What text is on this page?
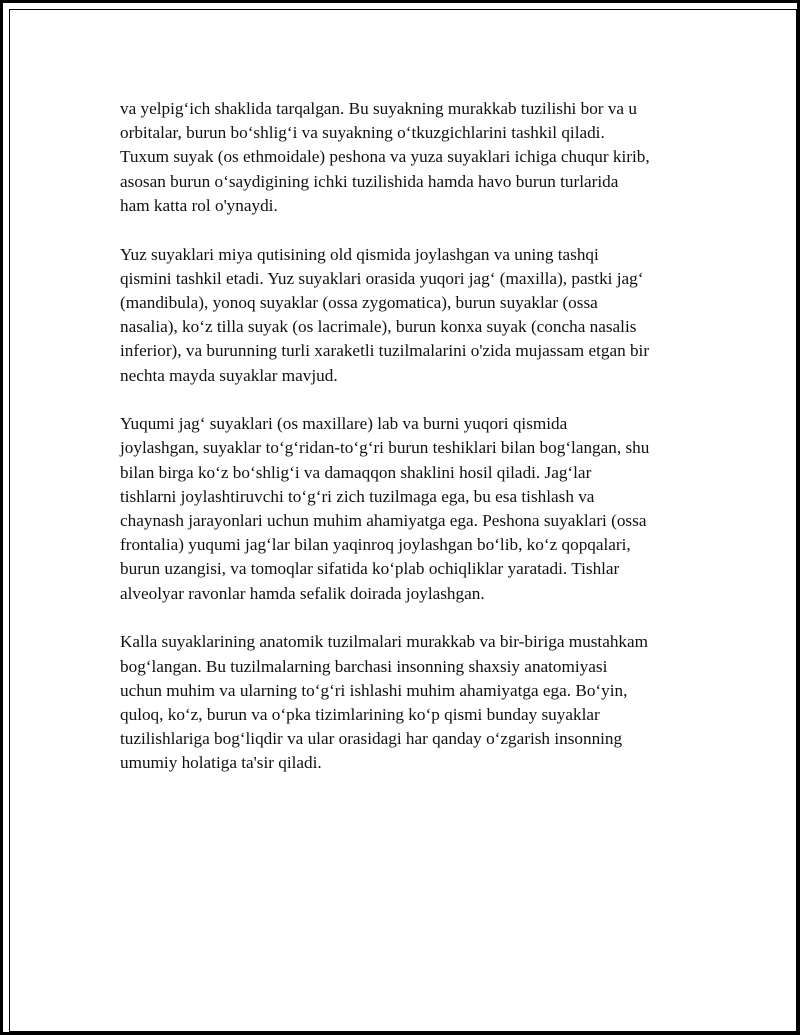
va yelpig‘ich shaklida tarqalgan. Bu suyakning murakkab tuzilishi bor va u
orbitalar, burun bo‘shlig‘i va suyakning o‘tkuzgichlarini tashkil qiladi.
Tuxum suyak (os ethmoidale) peshona va yuza suyaklari ichiga chuqur kirib,
asosan burun o‘saydigining ichki tuzilishida hamda havo burun turlarida
ham katta rol o'ynaydi.

Yuz suyaklari miya qutisining old qismida joylashgan va uning tashqi
qismini tashkil etadi. Yuz suyaklari orasida yuqori jag‘ (maxilla), pastki jag‘
(mandibula), yonoq suyaklar (ossa zygomatica), burun suyaklar (ossa
nasalia), ko‘z tilla suyak (os lacrimale), burun konxa suyak (concha nasalis
inferior), va burunning turli xaraketli tuzilmalarini o'zida mujassam etgan bir
nechta mayda suyaklar mavjud.

Yuqumi jag‘ suyaklari (os maxillare) lab va burni yuqori qismida
joylashgan, suyaklar to‘g‘ridan-to‘g‘ri burun teshiklari bilan bog‘langan, shu
bilan birga ko‘z bo‘shlig‘i va damaqqon shaklini hosil qiladi. Jag‘lar
tishlarni joylashtiruvchi to‘g‘ri zich tuzilmaga ega, bu esa tishlash va
chaynash jarayonlari uchun muhim ahamiyatga ega. Peshona suyaklari (ossa
frontalia) yuqumi jag‘lar bilan yaqinroq joylashgan bo‘lib, ko‘z qopqalari,
burun uzangisi, va tomoqlar sifatida ko‘plab ochiqliklar yaratadi. Tishlar
alveolyar ravonlar hamda sefalik doirada joylashgan.

Kalla suyaklarining anatomik tuzilmalari murakkab va bir-biriga mustahkam
bog‘langan. Bu tuzilmalarning barchasi insonning shaxsiy anatomiyasi
uchun muhim va ularning to‘g‘ri ishlashi muhim ahamiyatga ega. Bo‘yin,
quloq, ko‘z, burun va o‘pka tizimlarining ko‘p qismi bunday suyaklar
tuzilishlariga bog‘liqdir va ular orasidagi har qanday o‘zgarish insonning
umumiy holatiga ta'sir qiladi.
